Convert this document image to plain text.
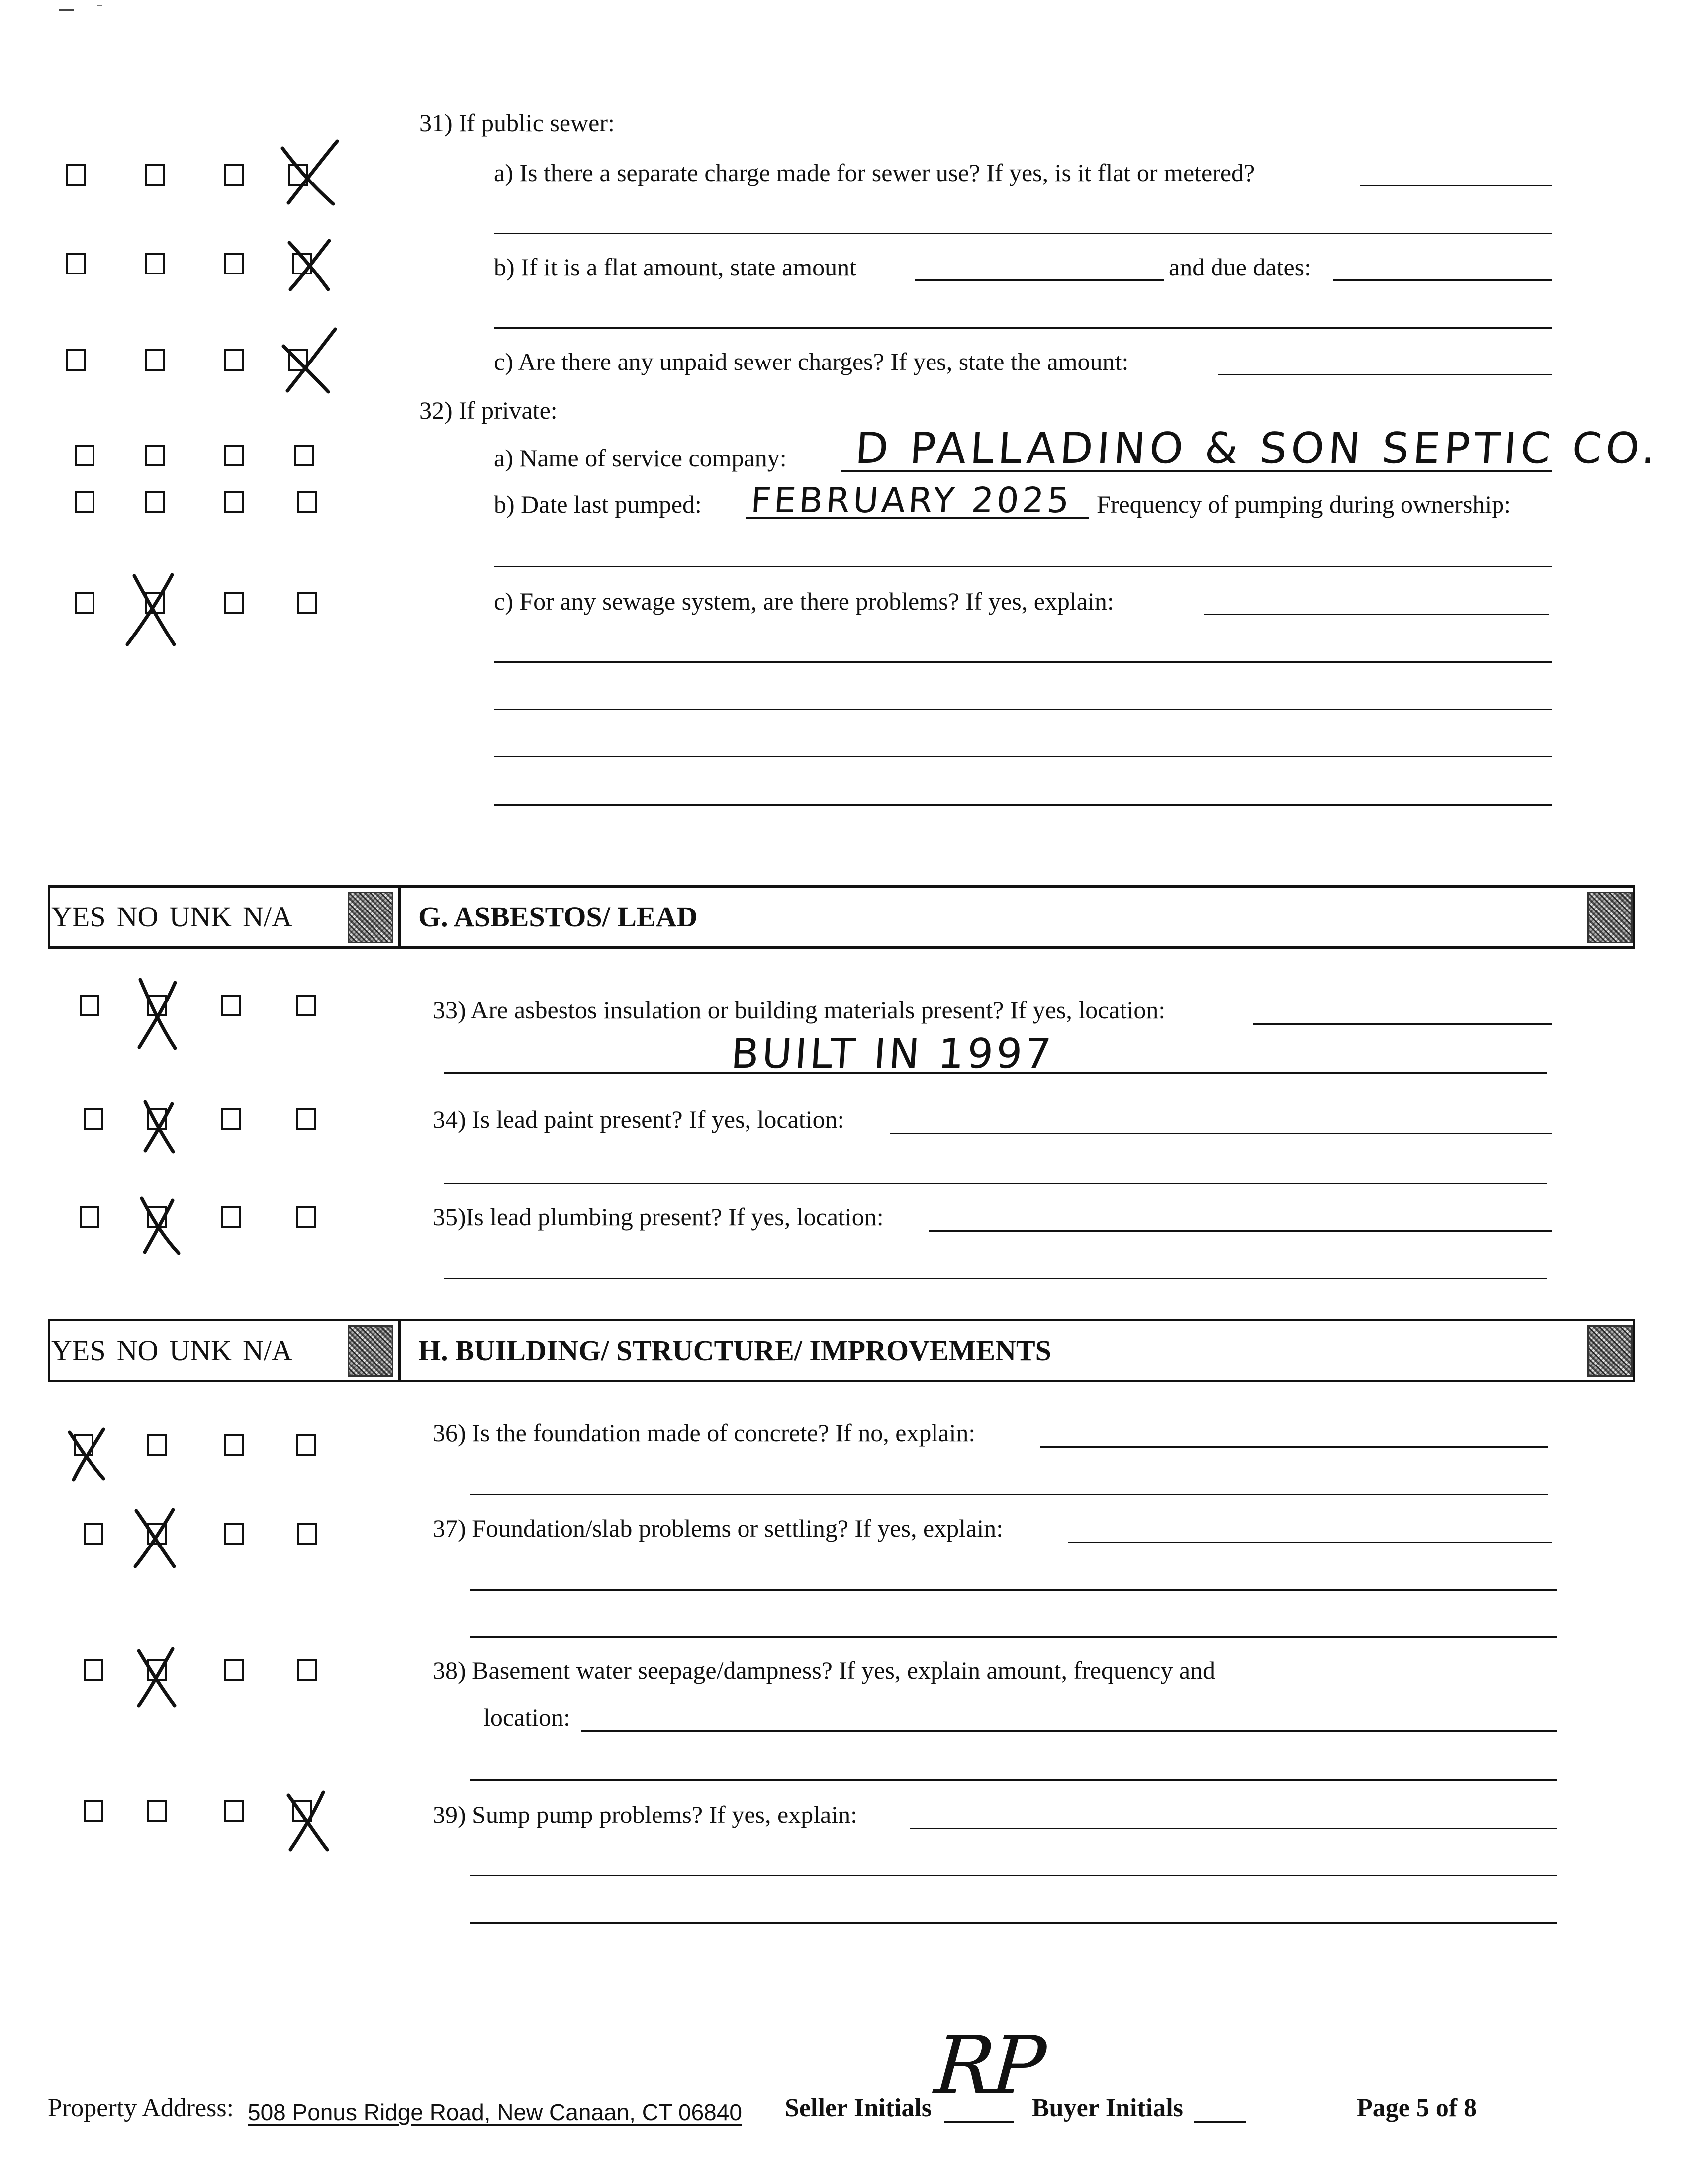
31) If public sewer:
a) Is there a separate charge made for sewer use? If yes, is it flat or metered?
b) If it is a flat amount, state amount	and due dates:
c) Are there any unpaid sewer charges? If yes, state the amount:
32) If private:
a) Name of service company: D PALLADINO & SON SEPTIC CO.
b) Date last pumped: FEBRUARY 2025 Frequency of pumping during ownership:
c) For any sewage system, are there problems? If yes, explain:
YES NO UNK N/A	G. ASBESTOS/ LEAD
33) Are asbestos insulation or building materials present? If yes, location:
BUILT IN 1997
34) Is lead paint present? If yes, location:
35)Is lead plumbing present? If yes, location:
YES NO UNK N/A	H. BUILDING/ STRUCTURE/ IMPROVEMENTS
36) Is the foundation made of concrete? If no, explain:
37) Foundation/slab problems or settling? If yes, explain:
38) Basement water seepage/dampness? If yes, explain amount, frequency and
location:
39) Sump pump problems? If yes, explain:
Property Address: 508 Ponus Ridge Road, New Canaan, CT 06840 Seller Initials RP
Buyer Initials	Page 5 of 8
